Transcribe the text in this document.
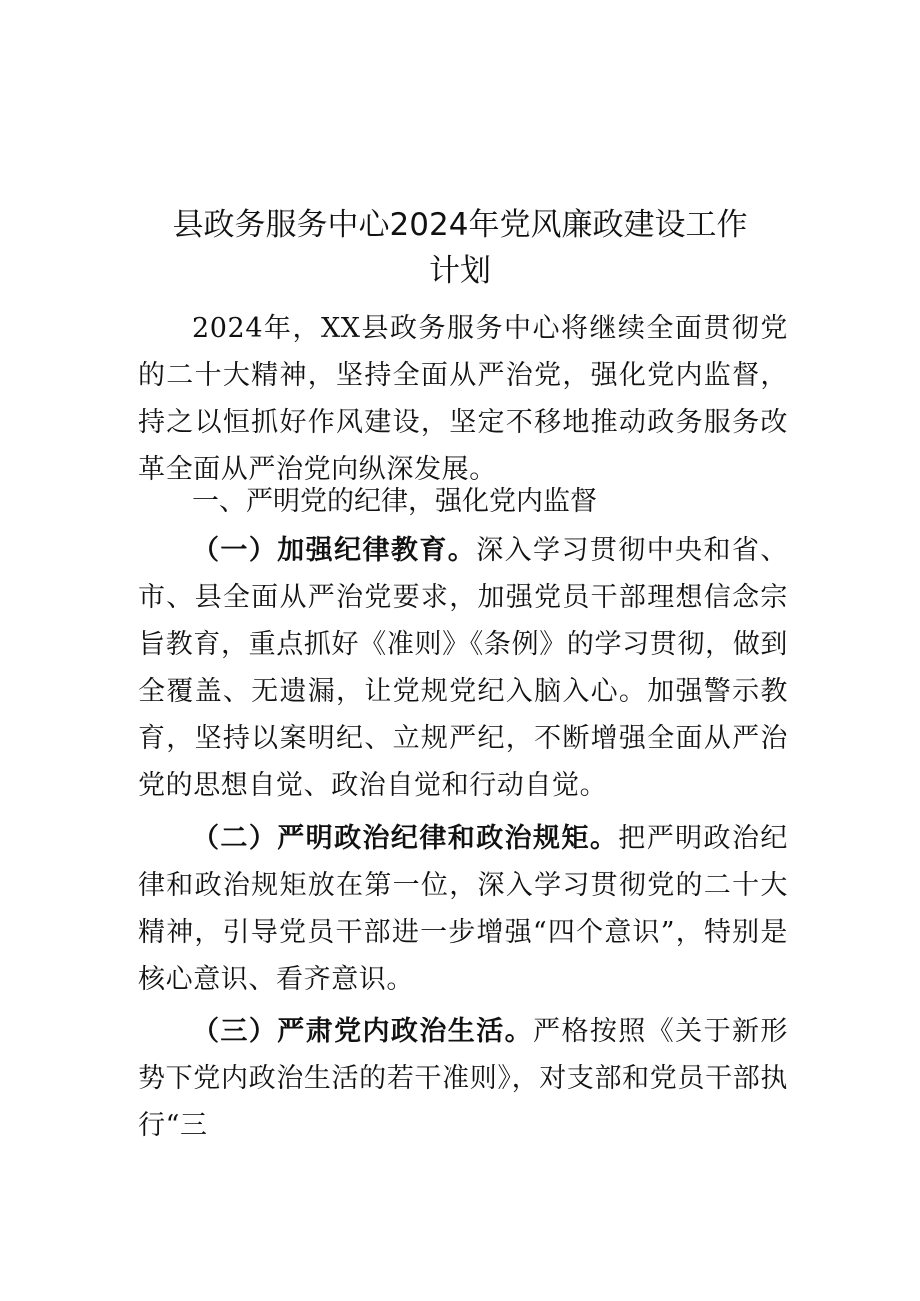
县政务服务中心2024年党风廉政建设工作
计划

2024年，XX县政务服务中心将继续全面贯彻党的二十大精神，坚持全面从严治党，强化党内监督，持之以恒抓好作风建设，坚定不移地推动政务服务改革全面从严治党向纵深发展。

一、严明党的纪律，强化党内监督

（一）加强纪律教育。深入学习贯彻中央和省、市、县全面从严治党要求，加强党员干部理想信念宗旨教育，重点抓好《准则》《条例》的学习贯彻，做到全覆盖、无遗漏，让党规党纪入脑入心。加强警示教育，坚持以案明纪、立规严纪，不断增强全面从严治党的思想自觉、政治自觉和行动自觉。

（二）严明政治纪律和政治规矩。把严明政治纪律和政治规矩放在第一位，深入学习贯彻党的二十大精神，引导党员干部进一步增强“四个意识”，特别是核心意识、看齐意识。

（三）严肃党内政治生活。严格按照《关于新形势下党内政治生活的若干准则》，对支部和党员干部执行“三
